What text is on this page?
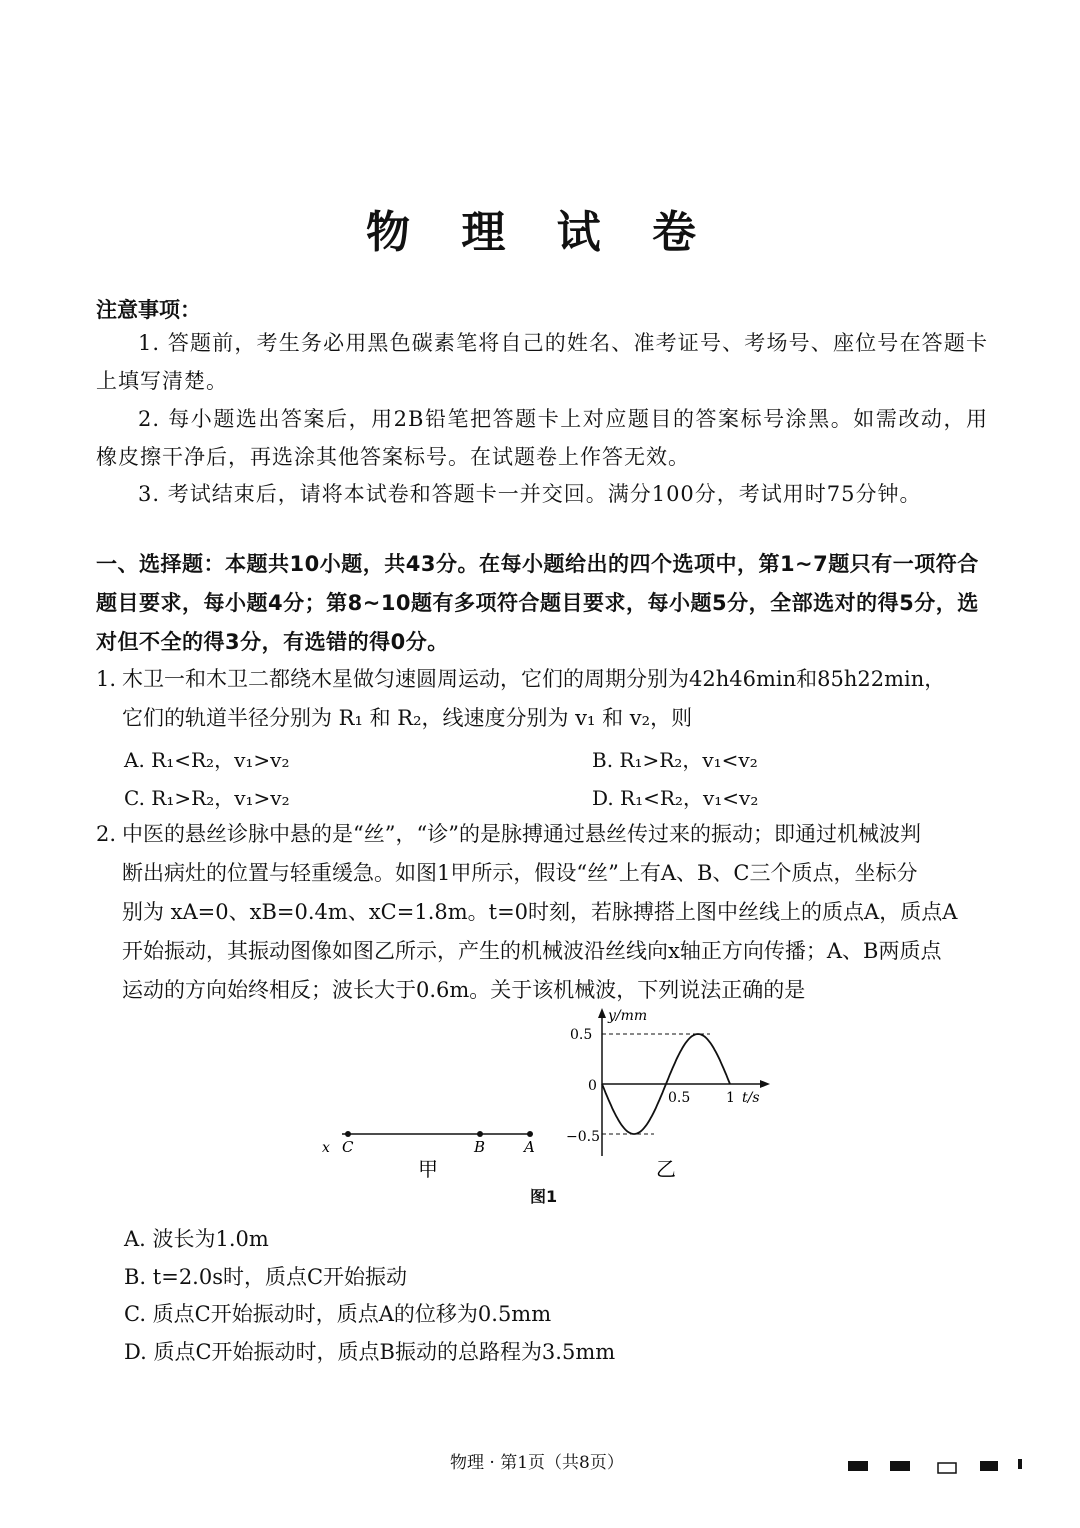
物 理 试 卷
注意事项：
1. 答题前，考生务必用黑色碳素笔将自己的姓名、准考证号、考场号、座位号在答题卡上填写清楚。
2. 每小题选出答案后，用2B铅笔把答题卡上对应题目的答案标号涂黑。如需改动，用橡皮擦干净后，再选涂其他答案标号。在试题卷上作答无效。
3. 考试结束后，请将本试卷和答题卡一并交回。满分100分，考试用时75分钟。
一、选择题：本题共10小题，共43分。在每小题给出的四个选项中，第1~7题只有一项符合题目要求，每小题4分；第8~10题有多项符合题目要求，每小题5分，全部选对的得5分，选对但不全的得3分，有选错的得0分。
1. 木卫一和木卫二都绕木星做匀速圆周运动，它们的周期分别为42h46min和85h22min，
它们的轨道半径分别为 R₁ 和 R₂，线速度分别为 v₁ 和 v₂，则
A. R₁<R₂，v₁>v₂	B. R₁>R₂，v₁<v₂
C. R₁>R₂，v₁>v₂	D. R₁<R₂，v₁<v₂
2. 中医的悬丝诊脉中悬的是“丝”，“诊”的是脉搏通过悬丝传过来的振动；即通过机械波判
断出病灶的位置与轻重缓急。如图1甲所示，假设“丝”上有A、B、C三个质点，坐标分
别为 xA=0、xB=0.4m、xC=1.8m。t=0时刻，若脉搏搭上图中丝线上的质点A，质点A
开始振动，其振动图像如图乙所示，产生的机械波沿丝线向x轴正方向传播；A、B两质点
运动的方向始终相反；波长大于0.6m。关于该机械波，下列说法正确的是
x C	B	A
甲
y/mm
0.5
0
−0.5
0.5	1 t/s
乙
图1
A. 波长为1.0m
B. t=2.0s时，质点C开始振动
C. 质点C开始振动时，质点A的位移为0.5mm
D. 质点C开始振动时，质点B振动的总路程为3.5mm
物理 · 第1页（共8页）
